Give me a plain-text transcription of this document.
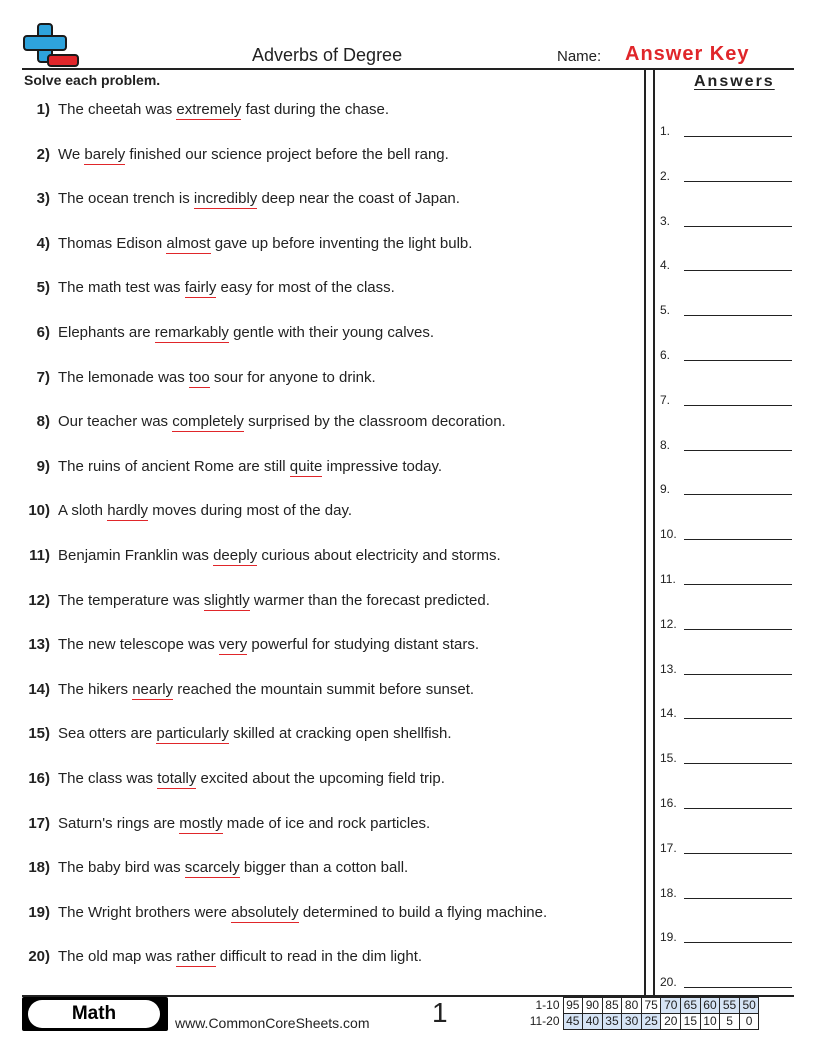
Adverbs of Degree	Name: Answer Key
Solve each problem.	Answers
1) The cheetah was extremely fast during the chase.
2) We barely finished our science project before the bell rang.
3) The ocean trench is incredibly deep near the coast of Japan.
4) Thomas Edison almost gave up before inventing the light bulb.
5) The math test was fairly easy for most of the class.
6) Elephants are remarkably gentle with their young calves.
7) The lemonade was too sour for anyone to drink.
8) Our teacher was completely surprised by the classroom decoration.
9) The ruins of ancient Rome are still quite impressive today.
10) A sloth hardly moves during most of the day.
11) Benjamin Franklin was deeply curious about electricity and storms.
12) The temperature was slightly warmer than the forecast predicted.
13) The new telescope was very powerful for studying distant stars.
14) The hikers nearly reached the mountain summit before sunset.
15) Sea otters are particularly skilled at cracking open shellfish.
16) The class was totally excited about the upcoming field trip.
17) Saturn's rings are mostly made of ice and rock particles.
18) The baby bird was scarcely bigger than a cotton ball.
19) The Wright brothers were absolutely determined to build a flying machine.
20) The old map was rather difficult to read in the dim light.
1.
2.
3.
4.
5.
6.
7.
8.
9.
10.
11.
12.
13.
14.
15.
16.
17.
18.
19.
20.
Math	www.CommonCoreSheets.com 1	1-10	95	90	85	80	75	70	65	60	55	50
11-20	45	40	35	30	25	20	15	10	5	0
